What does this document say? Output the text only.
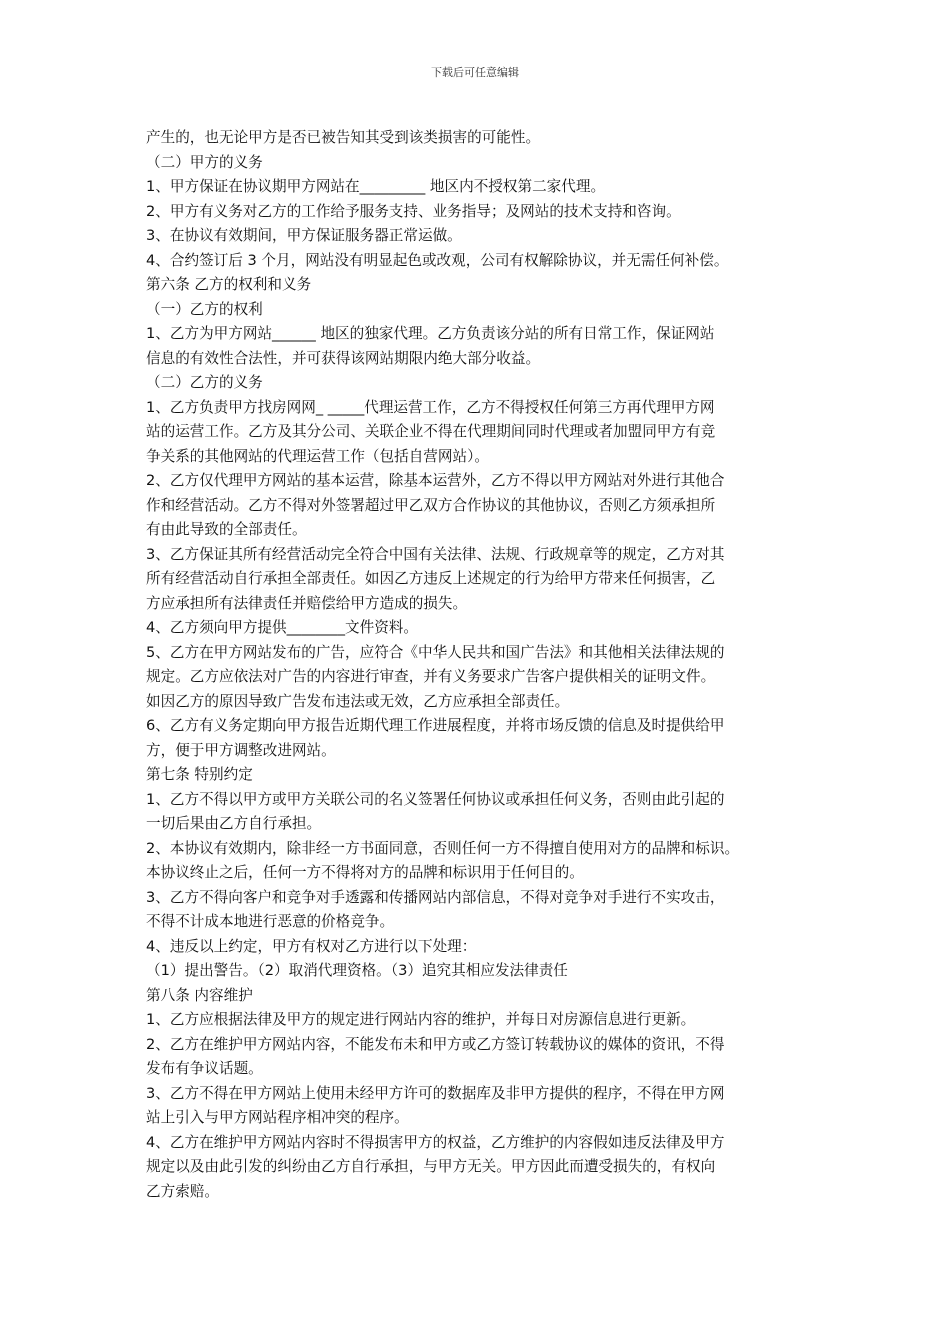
下载后可任意编辑
产生的，也无论甲方是否已被告知其受到该类损害的可能性。
（二）甲方的义务
1、甲方保证在协议期甲方网站在_________ 地区内不授权第二家代理。
2、甲方有义务对乙方的工作给予服务支持、业务指导；及网站的技术支持和咨询。
3、在协议有效期间，甲方保证服务器正常运做。
4、合约签订后 3 个月，网站没有明显起色或改观，公司有权解除协议，并无需任何补偿。
第六条 乙方的权利和义务
（一）乙方的权利
1、乙方为甲方网站______ 地区的独家代理。乙方负责该分站的所有日常工作，保证网站
信息的有效性合法性，并可获得该网站期限内绝大部分收益。
（二）乙方的义务
1、乙方负责甲方找房网网_ _____代理运营工作，乙方不得授权任何第三方再代理甲方网
站的运营工作。乙方及其分公司、关联企业不得在代理期间同时代理或者加盟同甲方有竞
争关系的其他网站的代理运营工作（包括自营网站）。
2、乙方仅代理甲方网站的基本运营，除基本运营外，乙方不得以甲方网站对外进行其他合
作和经营活动。乙方不得对外签署超过甲乙双方合作协议的其他协议，否则乙方须承担所
有由此导致的全部责任。
3、乙方保证其所有经营活动完全符合中国有关法律、法规、行政规章等的规定，乙方对其
所有经营活动自行承担全部责任。如因乙方违反上述规定的行为给甲方带来任何损害，乙
方应承担所有法律责任并赔偿给甲方造成的损失。
4、乙方须向甲方提供________文件资料。
5、乙方在甲方网站发布的广告，应符合《中华人民共和国广告法》和其他相关法律法规的
规定。乙方应依法对广告的内容进行审查，并有义务要求广告客户提供相关的证明文件。
如因乙方的原因导致广告发布违法或无效，乙方应承担全部责任。
6、乙方有义务定期向甲方报告近期代理工作进展程度，并将市场反馈的信息及时提供给甲
方，便于甲方调整改进网站。
第七条 特别约定
1、乙方不得以甲方或甲方关联公司的名义签署任何协议或承担任何义务，否则由此引起的
一切后果由乙方自行承担。
2、本协议有效期内，除非经一方书面同意，否则任何一方不得擅自使用对方的品牌和标识。
本协议终止之后，任何一方不得将对方的品牌和标识用于任何目的。
3、乙方不得向客户和竞争对手透露和传播网站内部信息，不得对竞争对手进行不实攻击，
不得不计成本地进行恶意的价格竞争。
4、违反以上约定，甲方有权对乙方进行以下处理：
（1）提出警告。（2）取消代理资格。（3）追究其相应发法律责任
第八条 内容维护
1、乙方应根据法律及甲方的规定进行网站内容的维护，并每日对房源信息进行更新。
2、乙方在维护甲方网站内容，不能发布未和甲方或乙方签订转载协议的媒体的资讯，不得
发布有争议话题。
3、乙方不得在甲方网站上使用未经甲方许可的数据库及非甲方提供的程序，不得在甲方网
站上引入与甲方网站程序相冲突的程序。
4、乙方在维护甲方网站内容时不得损害甲方的权益，乙方维护的内容假如违反法律及甲方
规定以及由此引发的纠纷由乙方自行承担，与甲方无关。甲方因此而遭受损失的，有权向
乙方索赔。
